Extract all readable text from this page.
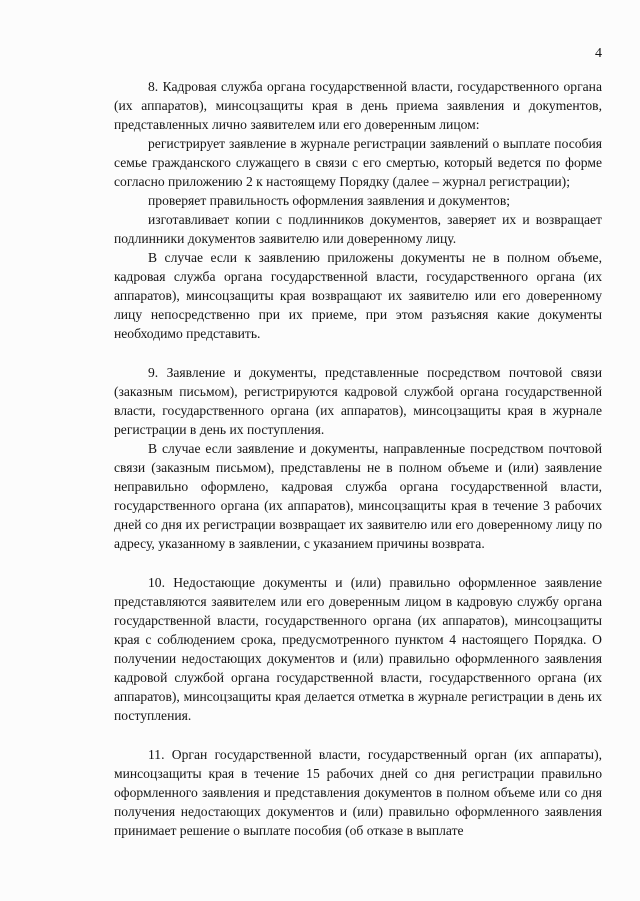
4

8. Кадровая служба органа государственной власти, государственного органа (их аппаратов), минсоцзащиты края в день приема заявления и докуmентов, представленных лично заявителем или его доверенным лицом:

регистрирует заявление в журнале регистрации заявлений о выплате пособия семье гражданского служащего в связи с его смертью, который ведется по форме согласно приложению 2 к настоящему Порядку (далее – журнал регистрации);

проверяет правильность оформления заявления и документов;

изготавливает копии с подлинников документов, заверяет их и возвращает подлинники документов заявителю или доверенному лицу.

В случае если к заявлению приложены документы не в полном объеме, кадровая служба органа государственной власти, государственного органа (их аппаратов), минсоцзащиты края возвращают их заявителю или его доверенному лицу непосредственно при их приеме, при этом разъясняя какие документы необходимо представить.

9. Заявление и документы, представленные посредством почтовой связи (заказным письмом), регистрируются кадровой службой органа государственной власти, государственного органа (их аппаратов), минсоцзащиты края в журнале регистрации в день их поступления.

В случае если заявление и документы, направленные посредством почтовой связи (заказным письмом), представлены не в полном объеме и (или) заявление неправильно оформлено, кадровая служба органа государственной власти, государственного органа (их аппаратов), минсоцзащиты края в течение 3 рабочих дней со дня их регистрации возвращает их заявителю или его доверенному лицу по адресу, указанному в заявлении, с указанием причины возврата.

10. Недостающие документы и (или) правильно оформленное заявление представляются заявителем или его доверенным лицом в кадровую службу органа государственной власти, государственного органа (их аппаратов), минсоцзащиты края с соблюдением срока, предусмотренного пунктом 4 настоящего Порядка. О получении недостающих документов и (или) правильно оформленного заявления кадровой службой органа государственной власти, государственного органа (их аппаратов), минсоцзащиты края делается отметка в журнале регистрации в день их поступления.

11. Орган государственной власти, государственный орган (их аппараты), минсоцзащиты края в течение 15 рабочих дней со дня регистрации правильно оформленного заявления и представления документов в полном объеме или со дня получения недостающих документов и (или) правильно оформленного заявления принимает решение о выплате пособия (об отказе в выплате
